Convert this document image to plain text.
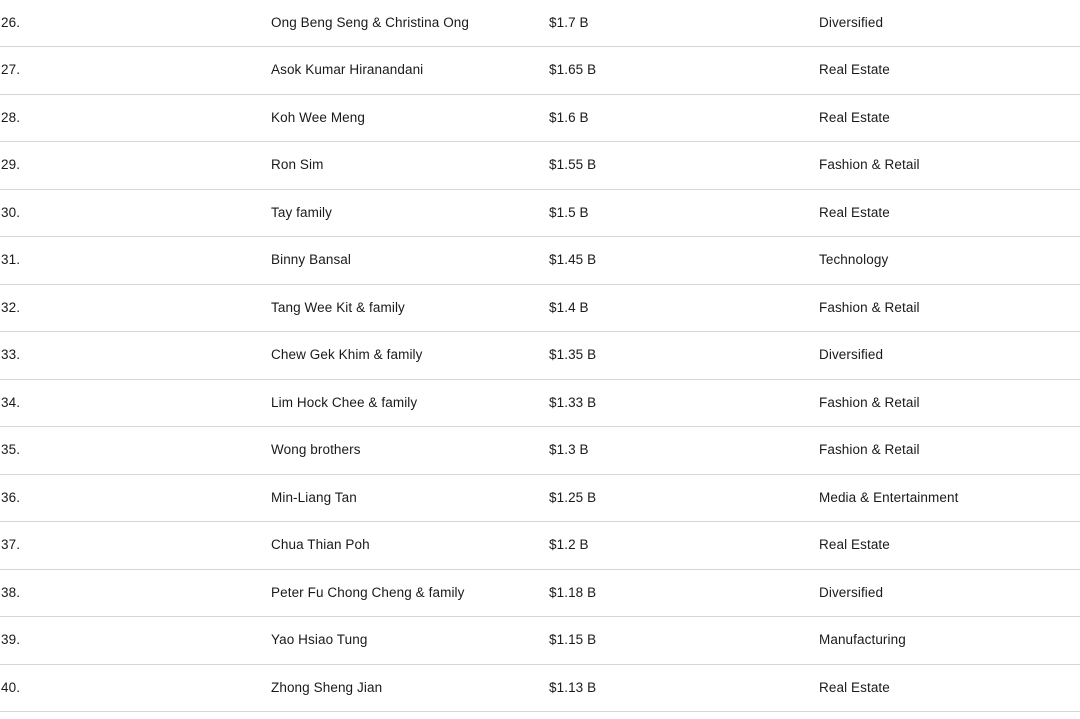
26.	Ong Beng Seng & Christina Ong	$1.7 B	Diversified
27.	Asok Kumar Hiranandani	$1.65 B	Real Estate
28.	Koh Wee Meng	$1.6 B	Real Estate
29.	Ron Sim	$1.55 B	Fashion & Retail
30.	Tay family	$1.5 B	Real Estate
31.	Binny Bansal	$1.45 B	Technology
32.	Tang Wee Kit & family	$1.4 B	Fashion & Retail
33.	Chew Gek Khim & family	$1.35 B	Diversified
34.	Lim Hock Chee & family	$1.33 B	Fashion & Retail
35.	Wong brothers	$1.3 B	Fashion & Retail
36.	Min-Liang Tan	$1.25 B	Media & Entertainment
37.	Chua Thian Poh	$1.2 B	Real Estate
38.	Peter Fu Chong Cheng & family	$1.18 B	Diversified
39.	Yao Hsiao Tung	$1.15 B	Manufacturing
40.	Zhong Sheng Jian	$1.13 B	Real Estate
